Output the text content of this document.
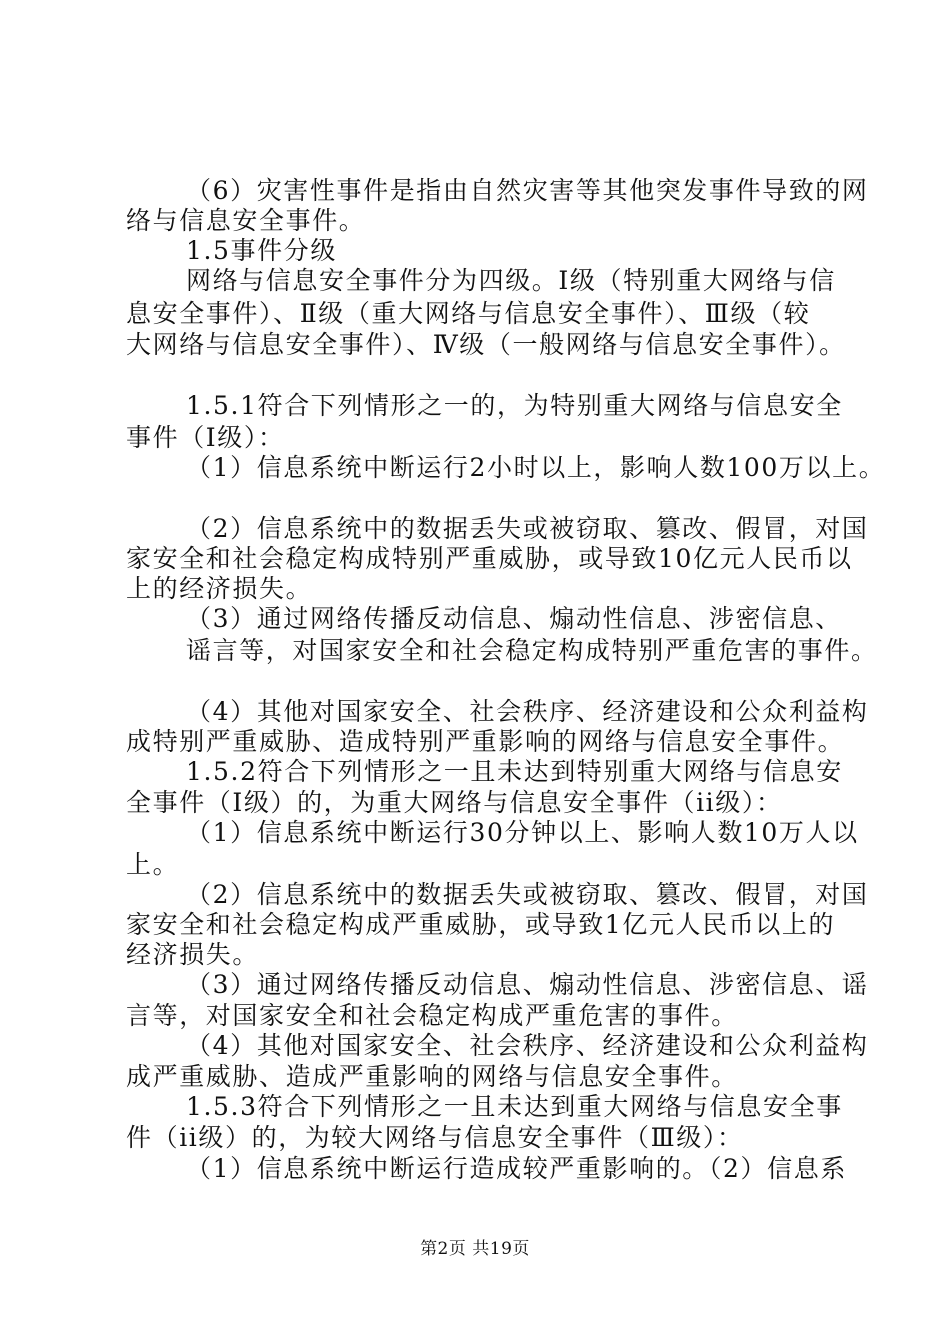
（6）灾害性事件是指由自然灾害等其他突发事件导致的网
络与信息安全事件。
1.5事件分级
网络与信息安全事件分为四级。Ⅰ级（特别重大网络与信
息安全事件）、Ⅱ级（重大网络与信息安全事件）、Ⅲ级（较
大网络与信息安全事件）、Ⅳ级（一般网络与信息安全事件）。
1.5.1符合下列情形之一的，为特别重大网络与信息安全
事件（Ⅰ级）：
（1）信息系统中断运行2小时以上，影响人数100万以上。
（2）信息系统中的数据丢失或被窃取、篡改、假冒，对国
家安全和社会稳定构成特别严重威胁，或导致10亿元人民币以
上的经济损失。
（3）通过网络传播反动信息、煽动性信息、涉密信息、
谣言等，对国家安全和社会稳定构成特别严重危害的事件。
（4）其他对国家安全、社会秩序、经济建设和公众利益构
成特别严重威胁、造成特别严重影响的网络与信息安全事件。
1.5.2符合下列情形之一且未达到特别重大网络与信息安
全事件（Ⅰ级）的，为重大网络与信息安全事件（ii级）：
（1）信息系统中断运行30分钟以上、影响人数10万人以
上。
（2）信息系统中的数据丢失或被窃取、篡改、假冒，对国
家安全和社会稳定构成严重威胁，或导致1亿元人民币以上的
经济损失。
（3）通过网络传播反动信息、煽动性信息、涉密信息、谣
言等，对国家安全和社会稳定构成严重危害的事件。
（4）其他对国家安全、社会秩序、经济建设和公众利益构
成严重威胁、造成严重影响的网络与信息安全事件。
1.5.3符合下列情形之一且未达到重大网络与信息安全事
件（ii级）的，为较大网络与信息安全事件（Ⅲ级）：
（1）信息系统中断运行造成较严重影响的。（2）信息系
第2页 共19页
